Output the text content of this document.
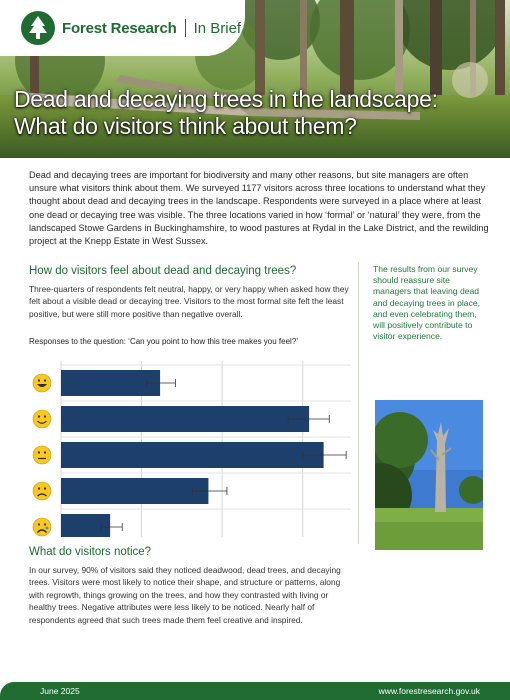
Forest Research In Brief
Dead and decaying trees in the landscape:
What do visitors think about them?

Dead and decaying trees are important for biodiversity and many other reasons, but site managers are often unsure what visitors think about them. We surveyed 1177 visitors across three locations to understand what they thought about dead and decaying trees in the landscape. Respondents were surveyed in a place where at least one dead or decaying tree was visible. The three locations varied in how ‘formal’ or ‘natural’ they were, from the landscaped Stowe Gardens in Buckinghamshire, to wood pastures at Rydal in the Lake District, and the rewilding project at the Knepp Estate in West Sussex.

How do visitors feel about dead and decaying trees?

Three-quarters of respondents felt neutral, happy, or very happy when asked how they felt about a visible dead or decaying tree. Visitors to the most formal site felt the least positive, but were still more positive than negative overall.

Responses to the question: ‘Can you point to how this tree makes you feel?’

What do visitors notice?

In our survey, 90% of visitors said they noticed deadwood, dead trees, and decaying trees. Visitors were most likely to notice their shape, and structure or patterns, along with regrowth, things growing on the trees, and how they contrasted with living or healthy trees. Negative attributes were less likely to be noticed. Nearly half of respondents agreed that such trees made them feel creative and inspired.

The results from our survey should reassure site managers that leaving dead and decaying trees in place, and even celebrating them, will positively contribute to visitor experience.

June 2025	www.forestresearch.gov.uk
